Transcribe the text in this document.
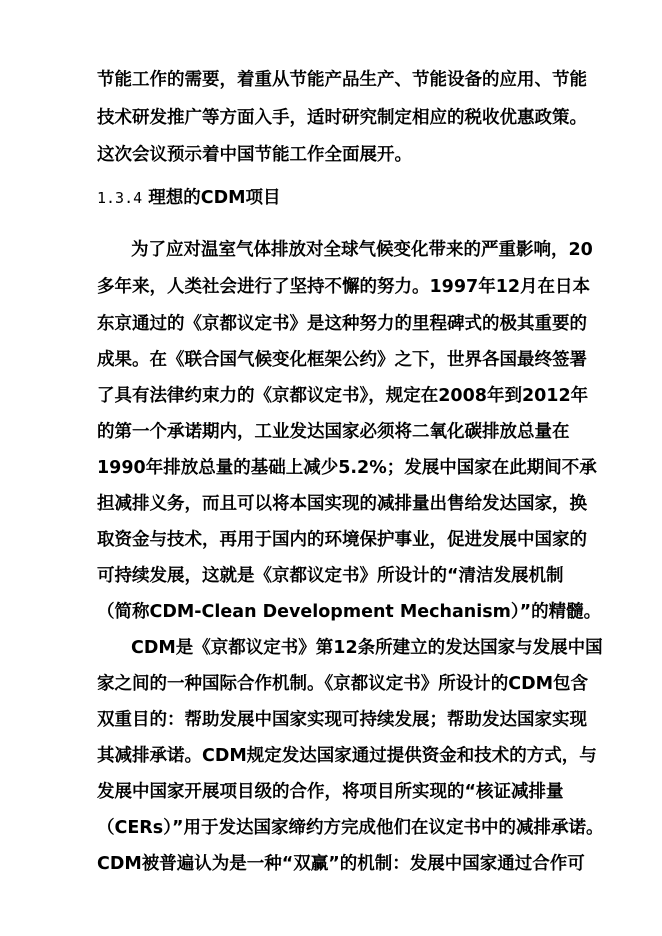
节能工作的需要，着重从节能产品生产、节能设备的应用、节能
技术研发推广等方面入手，适时研究制定相应的税收优惠政策。
这次会议预示着中国节能工作全面展开。
1.3.4 理想的CDM项目
为了应对温室气体排放对全球气候变化带来的严重影响，20
多年来，人类社会进行了坚持不懈的努力。1997年12月在日本
东京通过的《京都议定书》是这种努力的里程碑式的极其重要的
成果。在《联合国气候变化框架公约》之下，世界各国最终签署
了具有法律约束力的《京都议定书》，规定在2008年到2012年
的第一个承诺期内，工业发达国家必须将二氧化碳排放总量在
1990年排放总量的基础上减少5.2%；发展中国家在此期间不承
担减排义务，而且可以将本国实现的减排量出售给发达国家，换
取资金与技术，再用于国内的环境保护事业，促进发展中国家的
可持续发展，这就是《京都议定书》所设计的“清洁发展机制
（简称CDM-Clean Development Mechanism）”的精髓。
CDM是《京都议定书》第12条所建立的发达国家与发展中国
家之间的一种国际合作机制。《京都议定书》所设计的CDM包含
双重目的：帮助发展中国家实现可持续发展；帮助发达国家实现
其减排承诺。CDM规定发达国家通过提供资金和技术的方式，与
发展中国家开展项目级的合作，将项目所实现的“核证减排量
（CERs）”用于发达国家缔约方完成他们在议定书中的减排承诺。
CDM被普遍认为是一种“双赢”的机制：发展中国家通过合作可
